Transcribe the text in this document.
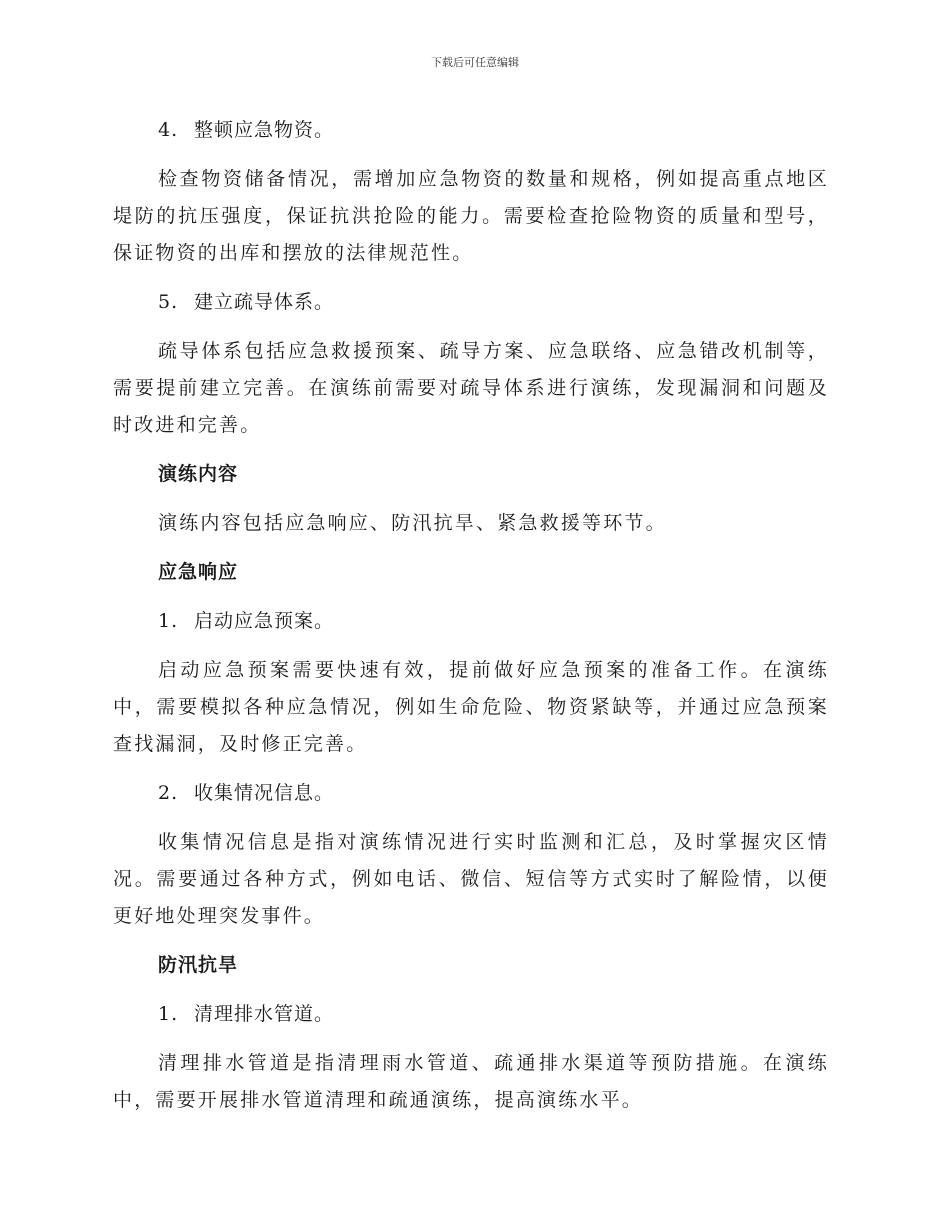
下载后可任意编辑
4. 整顿应急物资。

检查物资储备情况，需增加应急物资的数量和规格，例如提高重点地区堤防的抗压强度，保证抗洪抢险的能力。需要检查抢险物资的质量和型号，保证物资的出库和摆放的法律规范性。

5. 建立疏导体系。

疏导体系包括应急救援预案、疏导方案、应急联络、应急错改机制等，需要提前建立完善。在演练前需要对疏导体系进行演练，发现漏洞和问题及时改进和完善。

演练内容

演练内容包括应急响应、防汛抗旱、紧急救援等环节。

应急响应
1. 启动应急预案。

启动应急预案需要快速有效，提前做好应急预案的准备工作。在演练中，需要模拟各种应急情况，例如生命危险、物资紧缺等，并通过应急预案查找漏洞，及时修正完善。

2. 收集情况信息。

收集情况信息是指对演练情况进行实时监测和汇总，及时掌握灾区情况。需要通过各种方式，例如电话、微信、短信等方式实时了解险情，以便更好地处理突发事件。

防汛抗旱
1. 清理排水管道。

清理排水管道是指清理雨水管道、疏通排水渠道等预防措施。在演练中，需要开展排水管道清理和疏通演练，提高演练水平。
